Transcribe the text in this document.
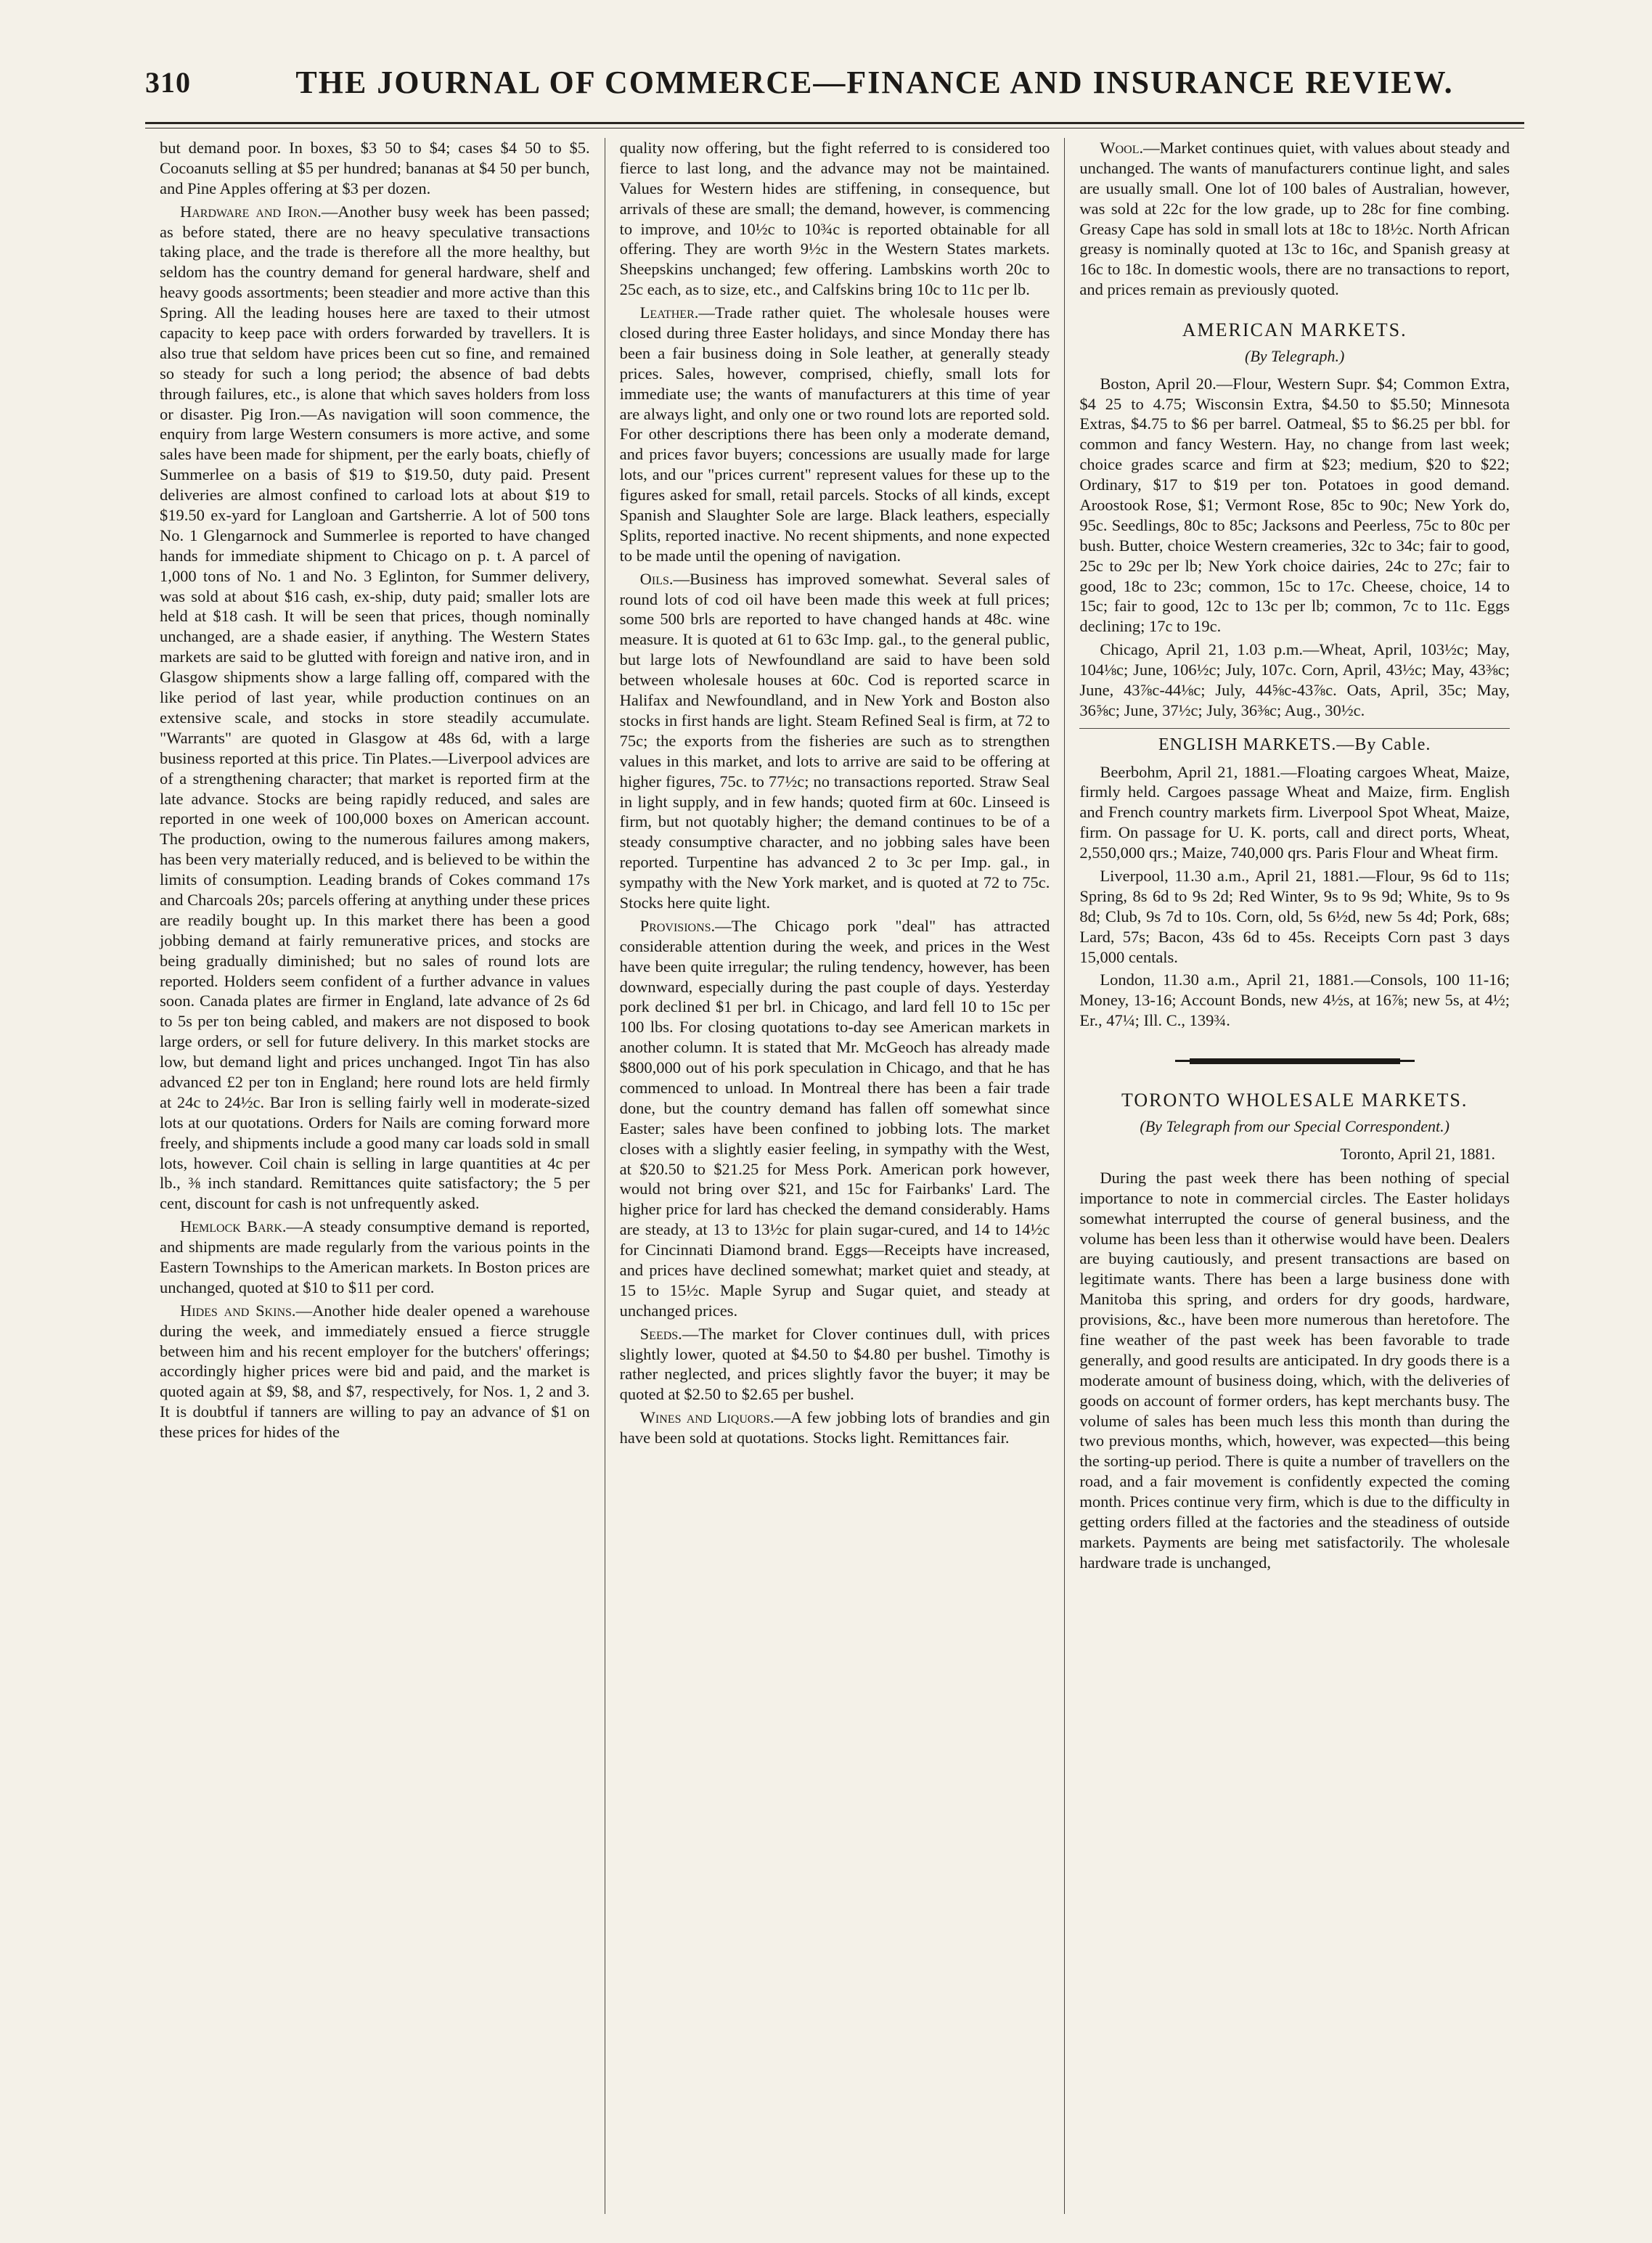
310	THE JOURNAL OF COMMERCE—FINANCE AND INSURANCE REVIEW.

but demand poor. In boxes, $3 50 to $4; cases $4 50 to $5. Cocoanuts selling at $5 per hundred; bananas at $4 50 per bunch, and Pine Apples offering at $3 per dozen.

Hardware and Iron.—Another busy week has been passed; as before stated, there are no heavy speculative transactions taking place, and the trade is therefore all the more healthy, but seldom has the country demand for general hardware, shelf and heavy goods assortments; been steadier and more active than this Spring. All the leading houses here are taxed to their utmost capacity to keep pace with orders forwarded by travellers. It is also true that seldom have prices been cut so fine, and remained so steady for such a long period; the absence of bad debts through failures, etc., is alone that which saves holders from loss or disaster. Pig Iron.—As navigation will soon commence, the enquiry from large Western consumers is more active, and some sales have been made for shipment, per the early boats, chiefly of Summerlee on a basis of $19 to $19.50, duty paid. Present deliveries are almost confined to carload lots at about $19 to $19.50 ex-yard for Langloan and Gartsherrie. A lot of 500 tons No. 1 Glengarnock and Summerlee is reported to have changed hands for immediate shipment to Chicago on p. t. A parcel of 1,000 tons of No. 1 and No. 3 Eglinton, for Summer delivery, was sold at about $16 cash, ex-ship, duty paid; smaller lots are held at $18 cash. It will be seen that prices, though nominally unchanged, are a shade easier, if anything. The Western States markets are said to be glutted with foreign and native iron, and in Glasgow shipments show a large falling off, compared with the like period of last year, while production continues on an extensive scale, and stocks in store steadily accumulate. "Warrants" are quoted in Glasgow at 48s 6d, with a large business reported at this price. Tin Plates.—Liverpool advices are of a strengthening character; that market is reported firm at the late advance. Stocks are being rapidly reduced, and sales are reported in one week of 100,000 boxes on American account. The production, owing to the numerous failures among makers, has been very materially reduced, and is believed to be within the limits of consumption. Leading brands of Cokes command 17s and Charcoals 20s; parcels offering at anything under these prices are readily bought up. In this market there has been a good jobbing demand at fairly remunerative prices, and stocks are being gradually diminished; but no sales of round lots are reported. Holders seem confident of a further advance in values soon. Canada plates are firmer in England, late advance of 2s 6d to 5s per ton being cabled, and makers are not disposed to book large orders, or sell for future delivery. In this market stocks are low, but demand light and prices unchanged. Ingot Tin has also advanced £2 per ton in England; here round lots are held firmly at 24c to 24½c. Bar Iron is selling fairly well in moderate-sized lots at our quotations. Orders for Nails are coming forward more freely, and shipments include a good many car loads sold in small lots, however. Coil chain is selling in large quantities at 4c per lb., ⅜ inch standard. Remittances quite satisfactory; the 5 per cent, discount for cash is not unfrequently asked.

Hemlock Bark.—A steady consumptive demand is reported, and shipments are made regularly from the various points in the Eastern Townships to the American markets. In Boston prices are unchanged, quoted at $10 to $11 per cord.

Hides and Skins.—Another hide dealer opened a warehouse during the week, and immediately ensued a fierce struggle between him and his recent employer for the butchers' offerings; accordingly higher prices were bid and paid, and the market is quoted again at $9, $8, and $7, respectively, for Nos. 1, 2 and 3. It is doubtful if tanners are willing to pay an advance of $1 on these prices for hides of the

quality now offering, but the fight referred to is considered too fierce to last long, and the advance may not be maintained. Values for Western hides are stiffening, in consequence, but arrivals of these are small; the demand, however, is commencing to improve, and 10½c to 10¾c is reported obtainable for all offering. They are worth 9½c in the Western States markets. Sheepskins unchanged; few offering. Lambskins worth 20c to 25c each, as to size, etc., and Calfskins bring 10c to 11c per lb.

Leather.—Trade rather quiet. The wholesale houses were closed during three Easter holidays, and since Monday there has been a fair business doing in Sole leather, at generally steady prices. Sales, however, comprised, chiefly, small lots for immediate use; the wants of manufacturers at this time of year are always light, and only one or two round lots are reported sold. For other descriptions there has been only a moderate demand, and prices favor buyers; concessions are usually made for large lots, and our "prices current" represent values for these up to the figures asked for small, retail parcels. Stocks of all kinds, except Spanish and Slaughter Sole are large. Black leathers, especially Splits, reported inactive. No recent shipments, and none expected to be made until the opening of navigation.

Oils.—Business has improved somewhat. Several sales of round lots of cod oil have been made this week at full prices; some 500 brls are reported to have changed hands at 48c. wine measure. It is quoted at 61 to 63c Imp. gal., to the general public, but large lots of Newfoundland are said to have been sold between wholesale houses at 60c. Cod is reported scarce in Halifax and Newfoundland, and in New York and Boston also stocks in first hands are light. Steam Refined Seal is firm, at 72 to 75c; the exports from the fisheries are such as to strengthen values in this market, and lots to arrive are said to be offering at higher figures, 75c. to 77½c; no transactions reported. Straw Seal in light supply, and in few hands; quoted firm at 60c. Linseed is firm, but not quotably higher; the demand continues to be of a steady consumptive character, and no jobbing sales have been reported. Turpentine has advanced 2 to 3c per Imp. gal., in sympathy with the New York market, and is quoted at 72 to 75c. Stocks here quite light.

Provisions.—The Chicago pork "deal" has attracted considerable attention during the week, and prices in the West have been quite irregular; the ruling tendency, however, has been downward, especially during the past couple of days. Yesterday pork declined $1 per brl. in Chicago, and lard fell 10 to 15c per 100 lbs. For closing quotations to-day see American markets in another column. It is stated that Mr. McGeoch has already made $800,000 out of his pork speculation in Chicago, and that he has commenced to unload. In Montreal there has been a fair trade done, but the country demand has fallen off somewhat since Easter; sales have been confined to jobbing lots. The market closes with a slightly easier feeling, in sympathy with the West, at $20.50 to $21.25 for Mess Pork. American pork however, would not bring over $21, and 15c for Fairbanks' Lard. The higher price for lard has checked the demand considerably. Hams are steady, at 13 to 13½c for plain sugar-cured, and 14 to 14½c for Cincinnati Diamond brand. Eggs—Receipts have increased, and prices have declined somewhat; market quiet and steady, at 15 to 15½c. Maple Syrup and Sugar quiet, and steady at unchanged prices.

Seeds.—The market for Clover continues dull, with prices slightly lower, quoted at $4.50 to $4.80 per bushel. Timothy is rather neglected, and prices slightly favor the buyer; it may be quoted at $2.50 to $2.65 per bushel.

Wines and Liquors.—A few jobbing lots of brandies and gin have been sold at quotations. Stocks light. Remittances fair.

Wool.—Market continues quiet, with values about steady and unchanged. The wants of manufacturers continue light, and sales are usually small. One lot of 100 bales of Australian, however, was sold at 22c for the low grade, up to 28c for fine combing. Greasy Cape has sold in small lots at 18c to 18½c. North African greasy is nominally quoted at 13c to 16c, and Spanish greasy at 16c to 18c. In domestic wools, there are no transactions to report, and prices remain as previously quoted.

AMERICAN MARKETS.
(By Telegraph.)

Boston, April 20.—Flour, Western Supr. $4; Common Extra, $4 25 to 4.75; Wisconsin Extra, $4.50 to $5.50; Minnesota Extras, $4.75 to $6 per barrel. Oatmeal, $5 to $6.25 per bbl. for common and fancy Western. Hay, no change from last week; choice grades scarce and firm at $23; medium, $20 to $22; Ordinary, $17 to $19 per ton. Potatoes in good demand. Aroostook Rose, $1; Vermont Rose, 85c to 90c; New York do, 95c. Seedlings, 80c to 85c; Jacksons and Peerless, 75c to 80c per bush. Butter, choice Western creameries, 32c to 34c; fair to good, 25c to 29c per lb; New York choice dairies, 24c to 27c; fair to good, 18c to 23c; common, 15c to 17c. Cheese, choice, 14 to 15c; fair to good, 12c to 13c per lb; common, 7c to 11c. Eggs declining; 17c to 19c.

Chicago, April 21, 1.03 p.m.—Wheat, April, 103½c; May, 104⅛c; June, 106½c; July, 107c. Corn, April, 43½c; May, 43⅜c; June, 43⅞c-44⅛c; July, 44⅝c-43⅞c. Oats, April, 35c; May, 36⅝c; June, 37½c; July, 36⅜c; Aug., 30½c.

ENGLISH MARKETS.—By Cable.

Beerbohm, April 21, 1881.—Floating cargoes Wheat, Maize, firmly held. Cargoes passage Wheat and Maize, firm. English and French country markets firm. Liverpool Spot Wheat, Maize, firm. On passage for U. K. ports, call and direct ports, Wheat, 2,550,000 qrs.; Maize, 740,000 qrs. Paris Flour and Wheat firm.

Liverpool, 11.30 a.m., April 21, 1881.—Flour, 9s 6d to 11s; Spring, 8s 6d to 9s 2d; Red Winter, 9s to 9s 9d; White, 9s to 9s 8d; Club, 9s 7d to 10s. Corn, old, 5s 6½d, new 5s 4d; Pork, 68s; Lard, 57s; Bacon, 43s 6d to 45s. Receipts Corn past 3 days 15,000 centals.

London, 11.30 a.m., April 21, 1881.—Consols, 100 11-16; Money, 13-16; Account Bonds, new 4½s, at 16⅞; new 5s, at 4½; Er., 47¼; Ill. C., 139¾.

TORONTO WHOLESALE MARKETS.
(By Telegraph from our Special Correspondent.)
Toronto, April 21, 1881.

During the past week there has been nothing of special importance to note in commercial circles. The Easter holidays somewhat interrupted the course of general business, and the volume has been less than it otherwise would have been. Dealers are buying cautiously, and present transactions are based on legitimate wants. There has been a large business done with Manitoba this spring, and orders for dry goods, hardware, provisions, &c., have been more numerous than heretofore. The fine weather of the past week has been favorable to trade generally, and good results are anticipated. In dry goods there is a moderate amount of business doing, which, with the deliveries of goods on account of former orders, has kept merchants busy. The volume of sales has been much less this month than during the two previous months, which, however, was expected—this being the sorting-up period. There is quite a number of travellers on the road, and a fair movement is confidently expected the coming month. Prices continue very firm, which is due to the difficulty in getting orders filled at the factories and the steadiness of outside markets. Payments are being met satisfactorily. The wholesale hardware trade is unchanged,
